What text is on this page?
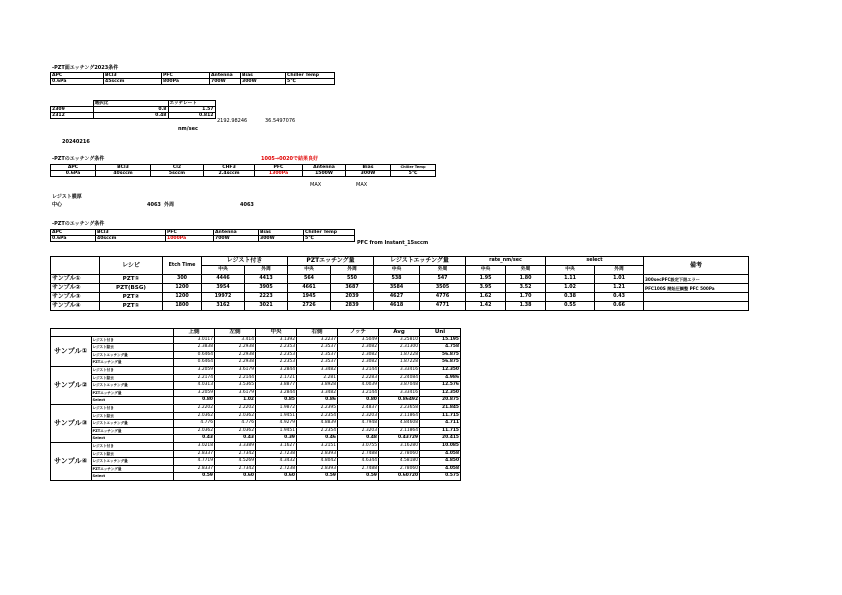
-PZT面エッチング2023条件
APC	BCl3	PFC	Antenna	Bias	Chiller Temp
0.6Pa	45sccm	800Pa	700W	300W	5℃
	選択比	エッチレート
2309	0.8	1.57
2312	0.48	0.812
2192.98246	36.5497076
nm/sec
20240216
-PZTのエッチング条件	1005→0020で結果良好
APC	BCl3	Cl2	CHF3	PFC	Antenna	Bias	Chiller Temp
0.6Pa	40sccm	5sccm	2.4sccm	1300Pa	1500W	300W	5℃
MAX	MAX
レジスト膜厚
中心	4063 外周	4063
-PZTのエッチング条件
APC	BCl3	PFC	Antenna	Bias	Chiller Temp
0.6Pa	40sccm	1000Pa	700W	300W	5℃
PFC from Instant_15sccm
	レシピ	Etch Time	レジスト付き		PZTエッチング量		レジストエッチング量		rate_nm/sec		select		備考
			中央	外周	中央	外周	中央	外周	中央	外周	中央	外周	
サンプル①	PZT①	300	4446	4413	564	550	538	547	1.95	1.80	1.11	1.01	300secPFC設定下限エラー
サンプル②	PZT(BSG)	1200	3954	3905	4661	3687	3584	3505	3.95	3.52	1.02	1.21	PFC100S 開始圧調整 PFC 500Pa
サンプル③	PZT②	1200	19972	2223	1945	2039	4627	4776	1.62	1.70	0.38	0.43	
サンプル④	PZT①	1800	3162	3021	2726	2839	4618	4771	1.42	1.38	0.55	0.66	
		上側	左側	中央	右側	ノッチ	Avg	Uni
サンプル①	レジスト付き	3.0117	3.414	3.1392	3.2237	3.5049	3.25810	15.195
	レジスト除去	2.3838	2.2938	2.2353	2.3537	2.3082	2.31300	4.758
	レジストエッチング量	0.6464	2.2938	2.2353	2.3537	2.3082	1.87228	56.875
	PZTエッチング量	0.6464	2.2938	2.2353	2.3537	2.3082	1.87228	56.875
サンプル②	レジスト付き	3.2059	3.6179	3.2844	3.3482	3.2144	3.33416	12.350
	レジスト除去	2.2174	2.2144	2.1721	2.281	2.2283	2.24084	4.986
	レジストエッチング量	4.0313	3.5365	3.8877	3.8928	4.0039	3.87048	12.576
	PZTエッチング量	3.2059	3.6179	3.2844	3.3482	3.2144	3.33416	12.350
	Select	0.80	1.02	0.85	0.86	0.80	0.86492	20.875
サンプル③	レジスト付き	2.2202	2.2202	1.9872	2.2395	2.4837	2.23658	21.845
	レジスト除去	2.0362	2.0362	1.9451	2.2354	2.3203	2.11864	11.715
	レジストエッチング量	4.776	4.776	4.9279	4.8839	4.7948	4.84608	4.711
	PZTエッチング量	2.0362	2.0362	1.9451	2.2354	2.3203	2.11864	11.715
	Select	0.43	0.43	0.39	0.46	0.48	0.43729	20.415
サンプル④	レジスト付き	3.0218	3.3389	3.1627	3.2151	3.0755	3.16280	10.085
	レジスト除去	2.8337	2.7342	2.7238	2.8393	2.7488	2.78060	4.058
	レジストエッチング量	4.7719	4.5269	4.3432	4.8042	4.6344	4.58180	4.850
	PZTエッチング量	2.8337	2.7342	2.7238	2.8393	2.7488	2.78060	4.058
	Select	0.59	0.60	0.60	0.59	0.59	0.60720	0.575
